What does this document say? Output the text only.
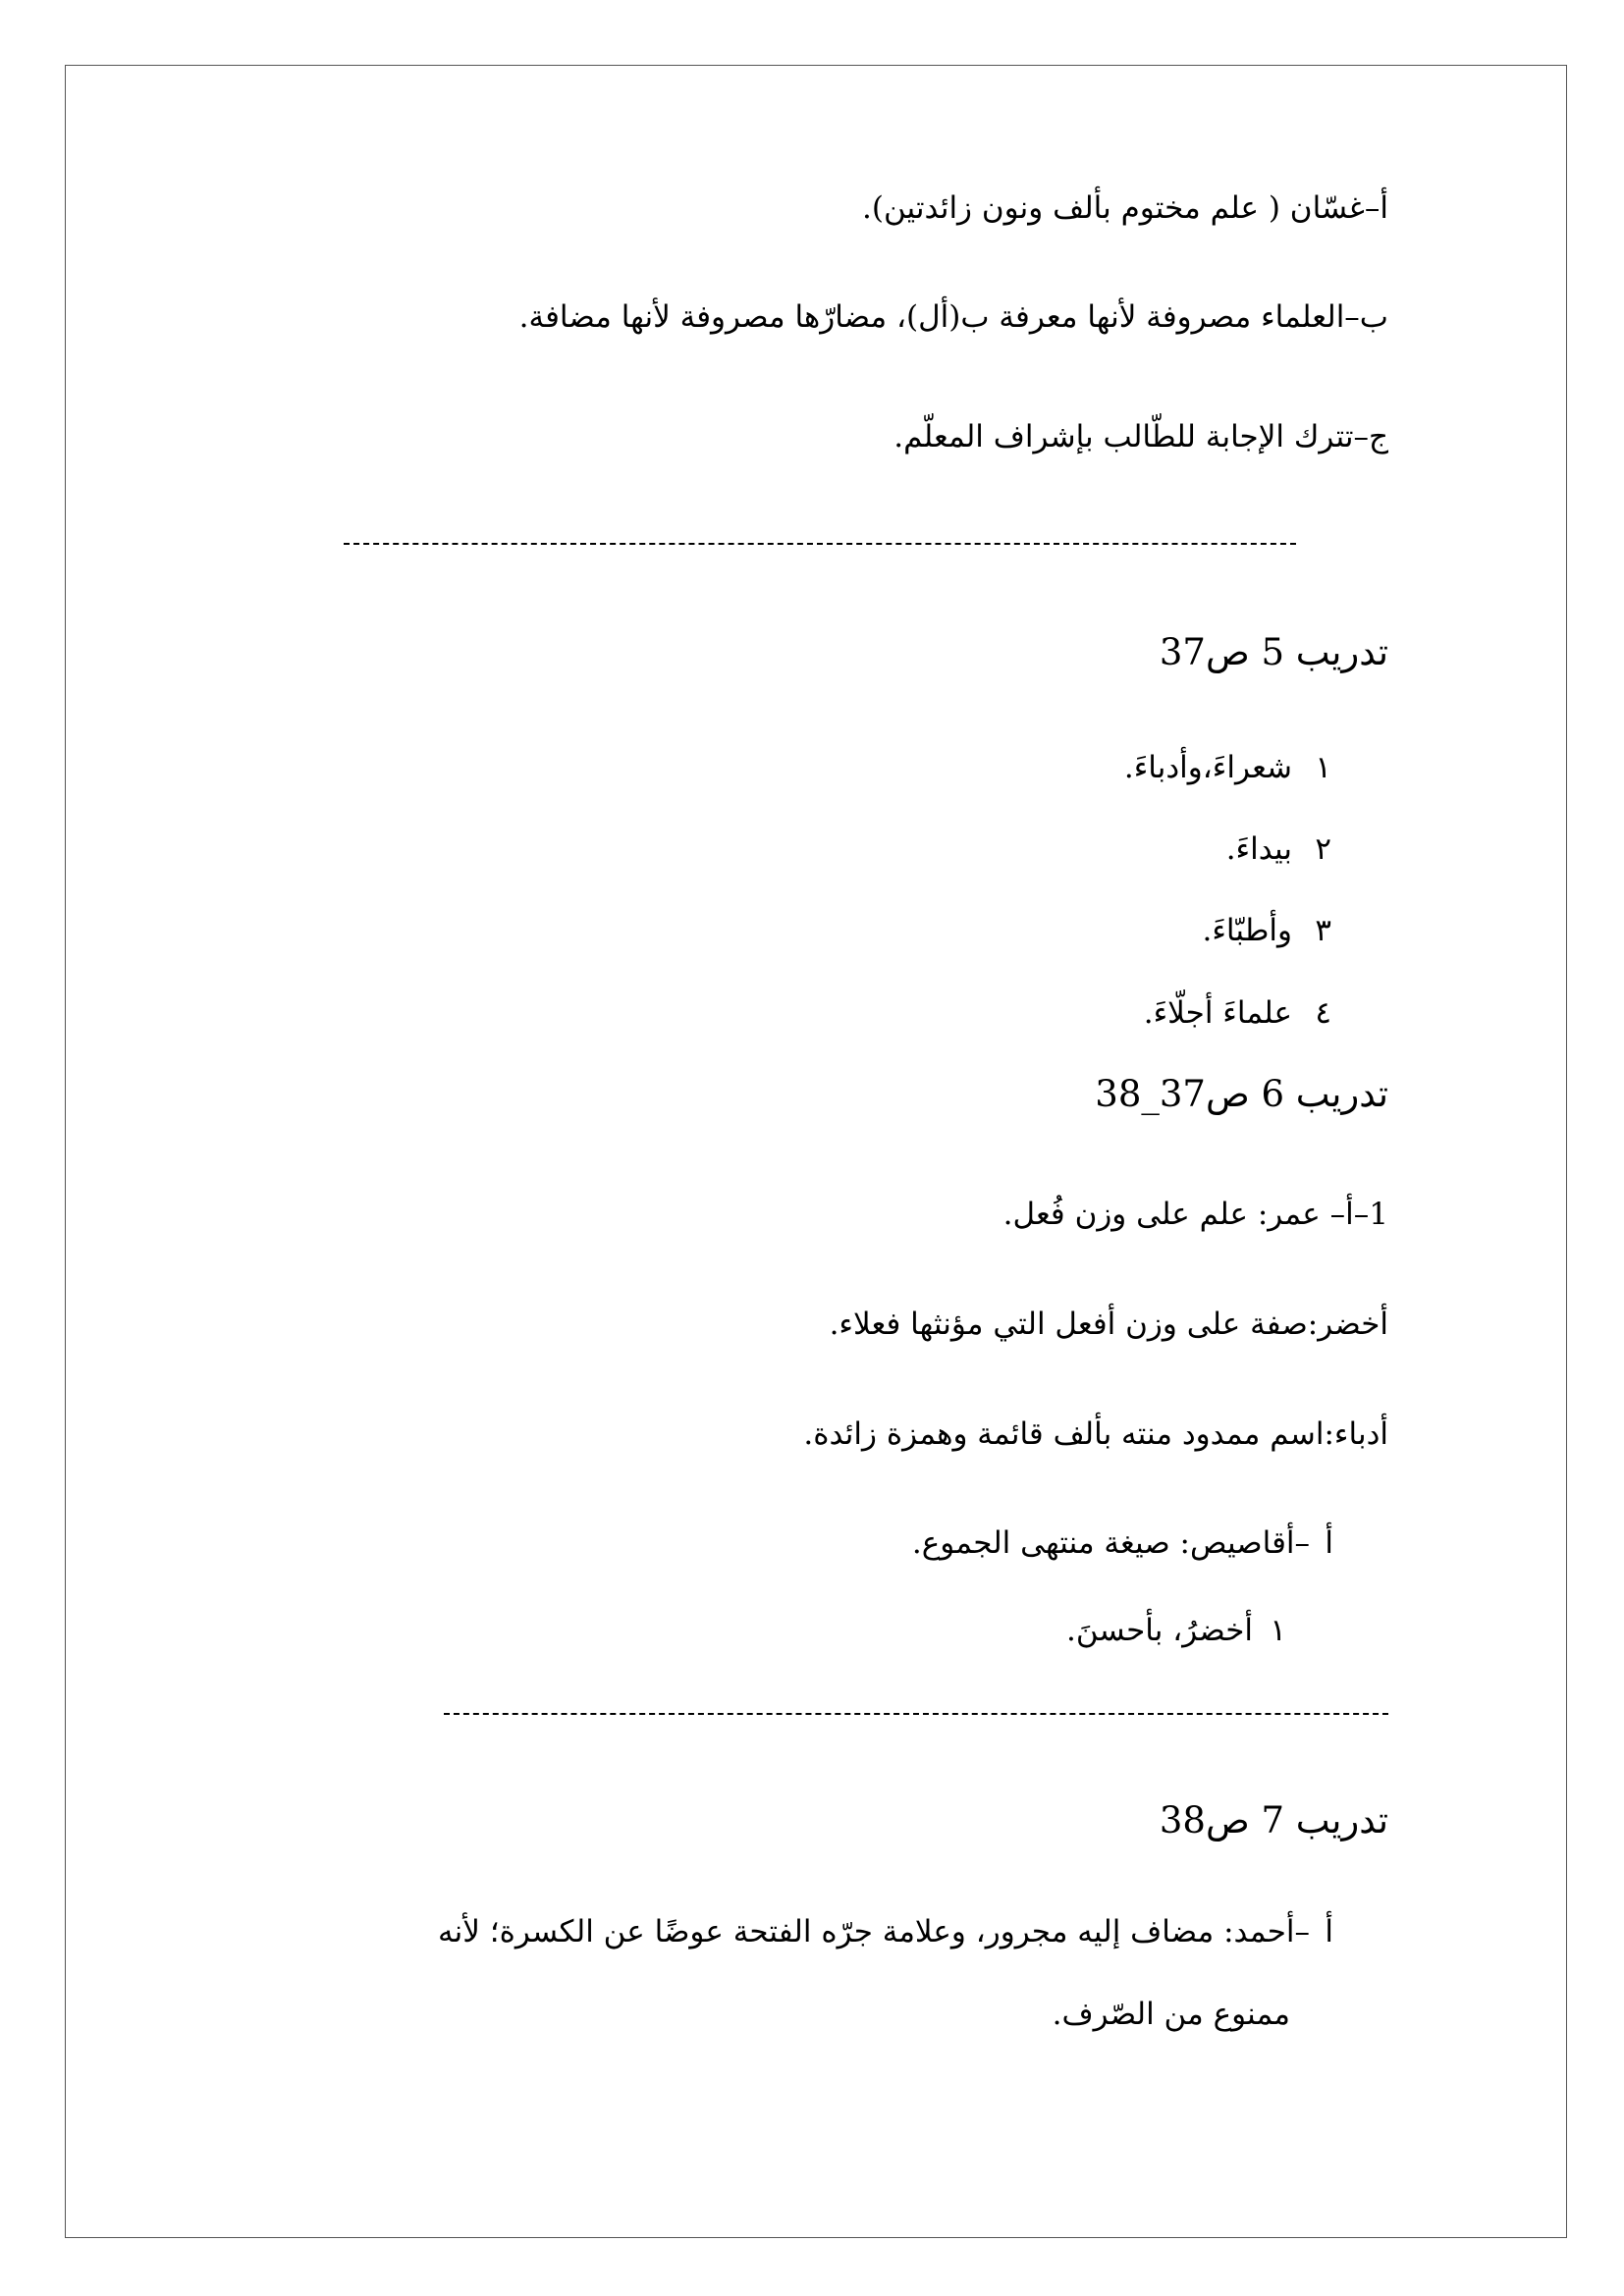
أ–غسّان ( علم مختوم بألف ونون زائدتين).
ب–العلماء مصروفة لأنها معرفة ب(أل)، مضارّها مصروفة لأنها مضافة.
ج–تترك الإجابة للطّالب بإشراف المعلّم.
تدريب 5 ص37
١
شعراءَ،وأدباءَ.
٢
بيداءَ.
٣
وأطبّاءَ.
٤
علماءَ أجلّاءَ.
تدريب 6 ص37_38
1–أ– عمر: علم على وزن فُعل.
أخضر:صفة على وزن أفعل التي مؤنثها فعلاء.
أدباء:اسم ممدود منته بألف قائمة وهمزة زائدة.
أ
–أقاصيص: صيغة منتهى الجموع.
١
أخضرُ، بأحسنَ.
تدريب 7 ص38
أ
–أحمد: مضاف إليه مجرور، وعلامة جرّه الفتحة عوضًا عن الكسرة؛ لأنه
ممنوع من الصّرف.
